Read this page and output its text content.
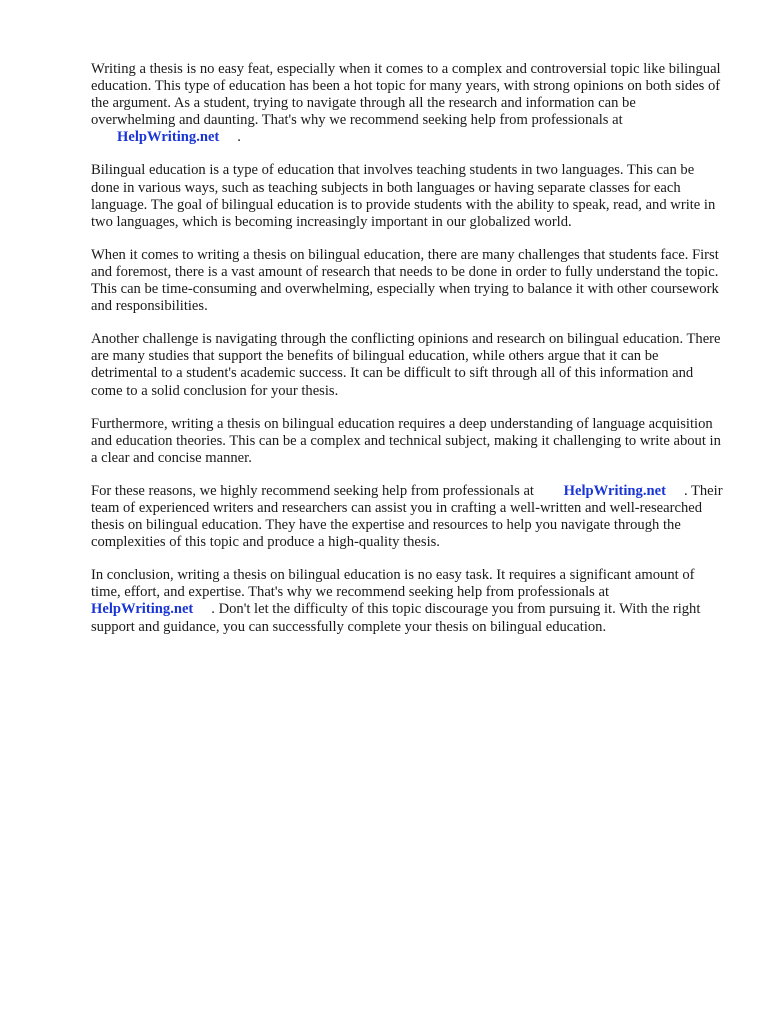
Writing a thesis is no easy feat, especially when it comes to a complex and controversial topic like bilingual education. This type of education has been a hot topic for many years, with strong opinions on both sides of the argument. As a student, trying to navigate through all the research and information can be overwhelming and daunting. That's why we recommend seeking help from professionals at HelpWriting.net .

Bilingual education is a type of education that involves teaching students in two languages. This can be done in various ways, such as teaching subjects in both languages or having separate classes for each language. The goal of bilingual education is to provide students with the ability to speak, read, and write in two languages, which is becoming increasingly important in our globalized world.

When it comes to writing a thesis on bilingual education, there are many challenges that students face. First and foremost, there is a vast amount of research that needs to be done in order to fully understand the topic. This can be time-consuming and overwhelming, especially when trying to balance it with other coursework and responsibilities.

Another challenge is navigating through the conflicting opinions and research on bilingual education. There are many studies that support the benefits of bilingual education, while others argue that it can be detrimental to a student's academic success. It can be difficult to sift through all of this information and come to a solid conclusion for your thesis.

Furthermore, writing a thesis on bilingual education requires a deep understanding of language acquisition and education theories. This can be a complex and technical subject, making it challenging to write about in a clear and concise manner.

For these reasons, we highly recommend seeking help from professionals at HelpWriting.net . Their team of experienced writers and researchers can assist you in crafting a well-written and well-researched thesis on bilingual education. They have the expertise and resources to help you navigate through the complexities of this topic and produce a high-quality thesis.

In conclusion, writing a thesis on bilingual education is no easy task. It requires a significant amount of time, effort, and expertise. That's why we recommend seeking help from professionals at HelpWriting.net . Don't let the difficulty of this topic discourage you from pursuing it. With the right support and guidance, you can successfully complete your thesis on bilingual education.
